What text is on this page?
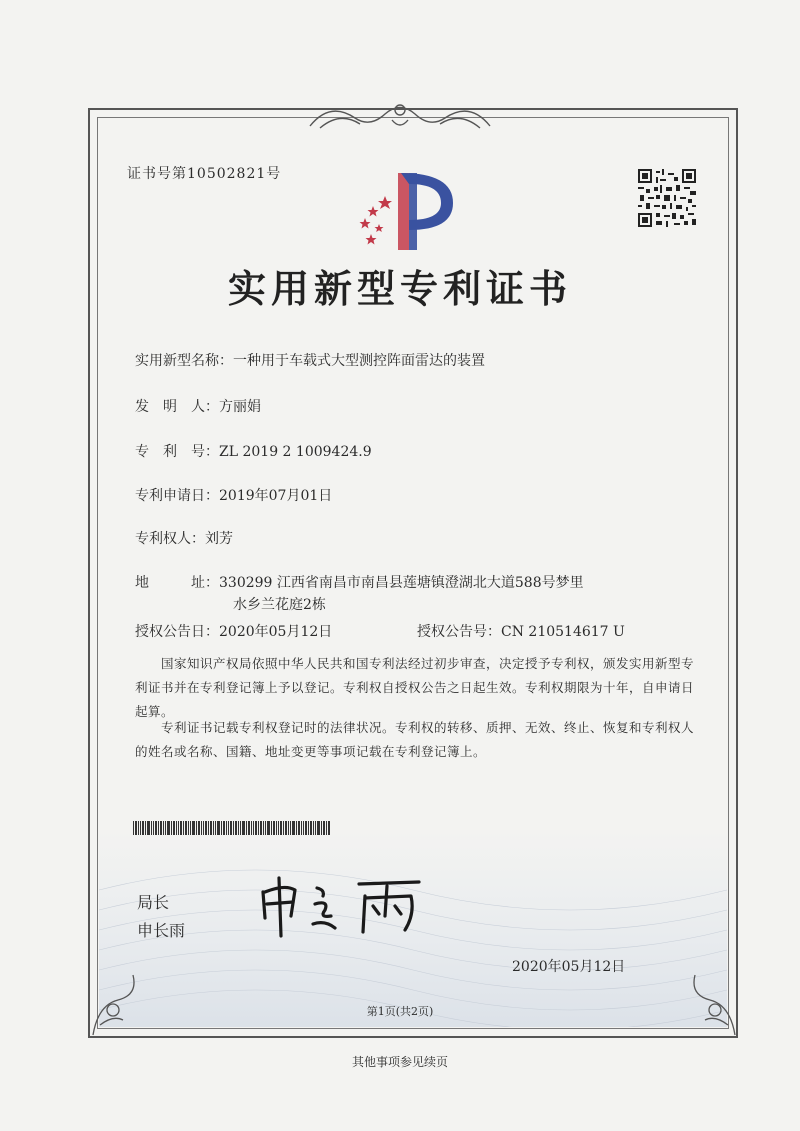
证书号第10502821号
实用新型专利证书
实用新型名称：一种用于车载式大型测控阵面雷达的装置
发　明　人：方丽娟
专　利　号：ZL 2019 2 1009424.9
专利申请日：2019年07月01日
专利权人：刘芳
地　　　址：330299 江西省南昌市南昌县莲塘镇澄湖北大道588号梦里
水乡兰花庭2栋
授权公告日：2020年05月12日	授权公告号：CN 210514617 U
国家知识产权局依照中华人民共和国专利法经过初步审查，决定授予专利权，颁发实用新型专利证书并在专利登记簿上予以登记。专利权自授权公告之日起生效。专利权期限为十年，自申请日起算。
专利证书记载专利权登记时的法律状况。专利权的转移、质押、无效、终止、恢复和专利权人的姓名或名称、国籍、地址变更等事项记载在专利登记簿上。
局长
申长雨
2020年05月12日
第1页(共2页)
其他事项参见续页
